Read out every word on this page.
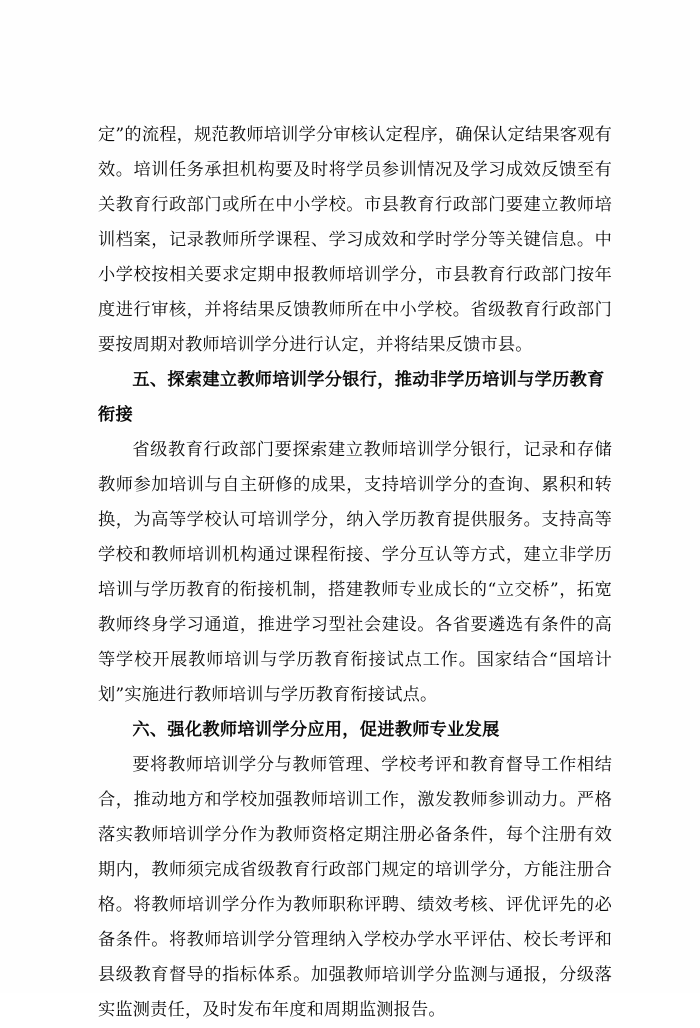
定”的流程，规范教师培训学分审核认定程序，确保认定结果客观有效。培训任务承担机构要及时将学员参训情况及学习成效反馈至有关教育行政部门或所在中小学校。市县教育行政部门要建立教师培训档案，记录教师所学课程、学习成效和学时学分等关键信息。中小学校按相关要求定期申报教师培训学分，市县教育行政部门按年度进行审核，并将结果反馈教师所在中小学校。省级教育行政部门要按周期对教师培训学分进行认定，并将结果反馈市县。

五、探索建立教师培训学分银行，推动非学历培训与学历教育
衔接

省级教育行政部门要探索建立教师培训学分银行，记录和存储教师参加培训与自主研修的成果，支持培训学分的查询、累积和转换，为高等学校认可培训学分，纳入学历教育提供服务。支持高等学校和教师培训机构通过课程衔接、学分互认等方式，建立非学历培训与学历教育的衔接机制，搭建教师专业成长的“立交桥”，拓宽教师终身学习通道，推进学习型社会建设。各省要遴选有条件的高等学校开展教师培训与学历教育衔接试点工作。国家结合“国培计划”实施进行教师培训与学历教育衔接试点。

六、强化教师培训学分应用，促进教师专业发展

要将教师培训学分与教师管理、学校考评和教育督导工作相结合，推动地方和学校加强教师培训工作，激发教师参训动力。严格落实教师培训学分作为教师资格定期注册必备条件，每个注册有效期内，教师须完成省级教育行政部门规定的培训学分，方能注册合格。将教师培训学分作为教师职称评聘、绩效考核、评优评先的必备条件。将教师培训学分管理纳入学校办学水平评估、校长考评和县级教育督导的指标体系。加强教师培训学分监测与通报，分级落实监测责任，及时发布年度和周期监测报告。
